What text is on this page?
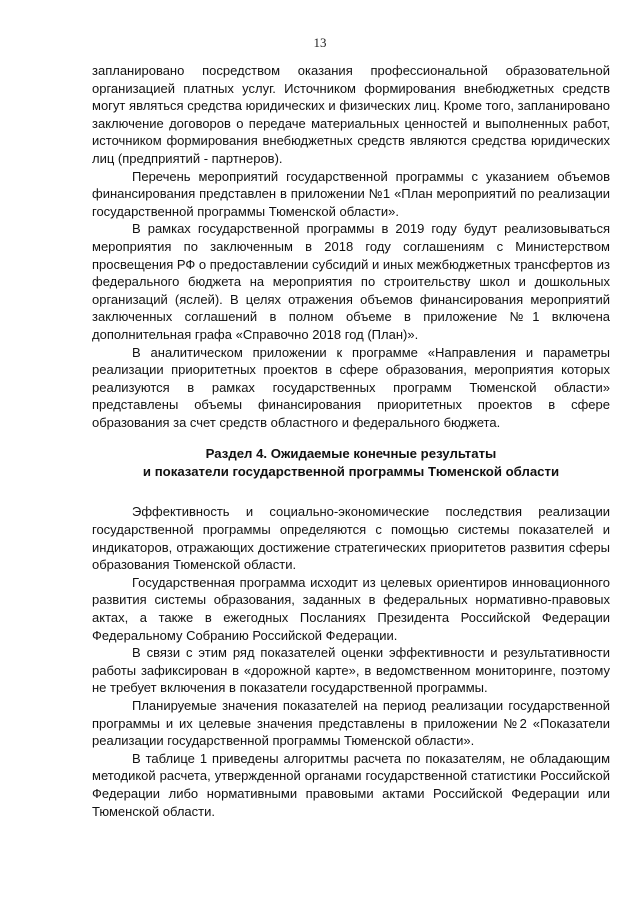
13

запланировано посредством оказания профессиональной образовательной организацией платных услуг. Источником формирования внебюджетных средств могут являться средства юридических и физических лиц. Кроме того, запланировано заключение договоров о передаче материальных ценностей и выполненных работ, источником формирования внебюджетных средств являются средства юридических лиц (предприятий - партнеров).

Перечень мероприятий государственной программы с указанием объемов финансирования представлен в приложении №1 «План мероприятий по реализации государственной программы Тюменской области».

В рамках государственной программы в 2019 году будут реализовываться мероприятия по заключенным в 2018 году соглашениям с Министерством просвещения РФ о предоставлении субсидий и иных межбюджетных трансфертов из федерального бюджета на мероприятия по строительству школ и дошкольных организаций (яслей). В целях отражения объемов финансирования мероприятий заключенных соглашений в полном объеме в приложение №1 включена дополнительная графа «Справочно 2018 год (План)».

В аналитическом приложении к программе «Направления и параметры реализации приоритетных проектов в сфере образования, мероприятия которых реализуются в рамках государственных программ Тюменской области» представлены объемы финансирования приоритетных проектов в сфере образования за счет средств областного и федерального бюджета.

Раздел 4. Ожидаемые конечные результаты
и показатели государственной программы Тюменской области

Эффективность и социально-экономические последствия реализации государственной программы определяются с помощью системы показателей и индикаторов, отражающих достижение стратегических приоритетов развития сферы образования Тюменской области.

Государственная программа исходит из целевых ориентиров инновационного развития системы образования, заданных в федеральных нормативно-правовых актах, а также в ежегодных Посланиях Президента Российской Федерации Федеральному Собранию Российской Федерации.

В связи с этим ряд показателей оценки эффективности и результативности работы зафиксирован в «дорожной карте», в ведомственном мониторинге, поэтому не требует включения в показатели государственной программы.

Планируемые значения показателей на период реализации государственной программы и их целевые значения представлены в приложении №2 «Показатели реализации государственной программы Тюменской области».

В таблице 1 приведены алгоритмы расчета по показателям, не обладающим методикой расчета, утвержденной органами государственной статистики Российской Федерации либо нормативными правовыми актами Российской Федерации или Тюменской области.
